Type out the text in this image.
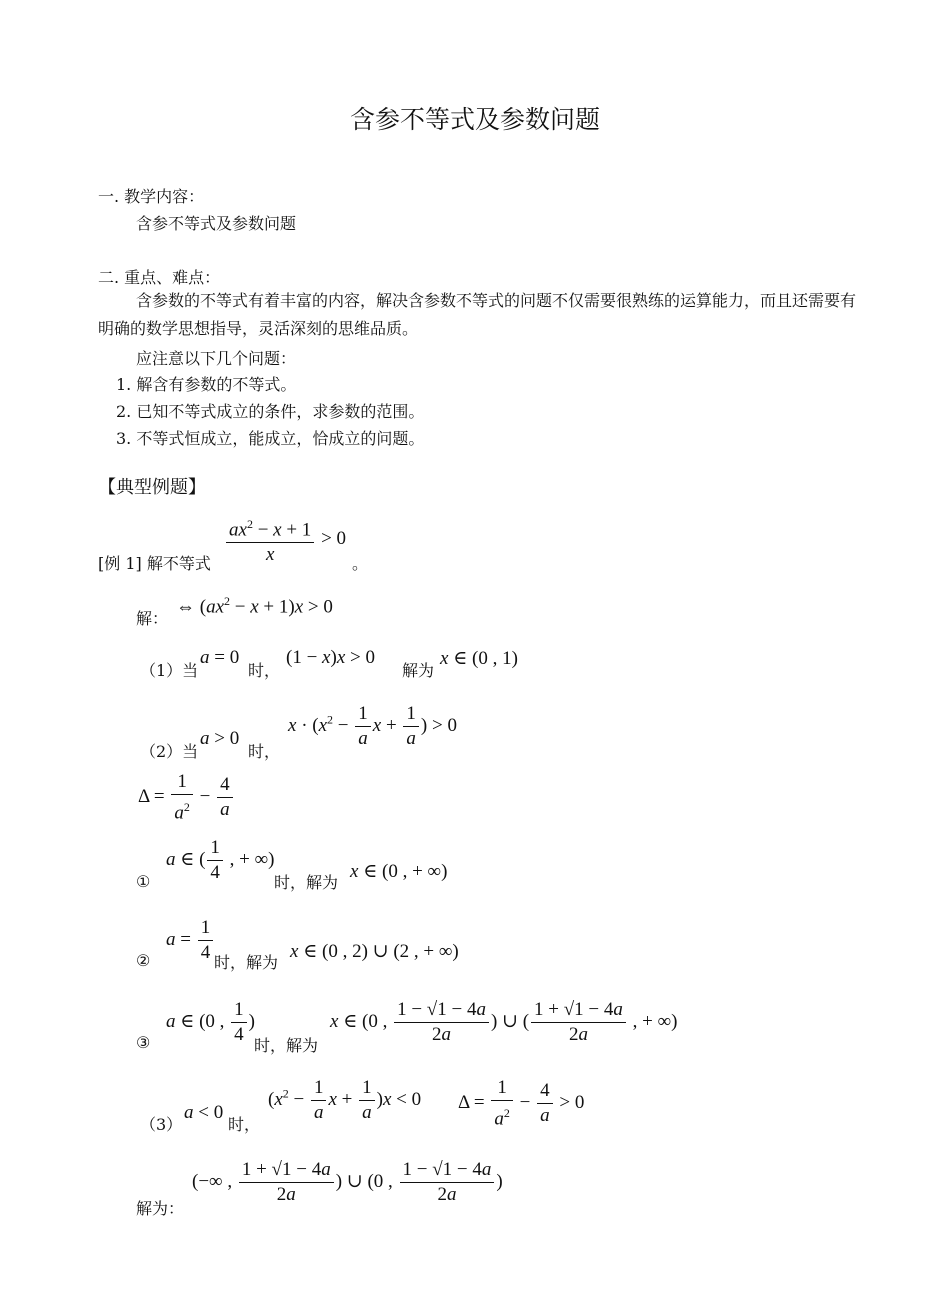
含参不等式及参数问题
一. 教学内容：
含参不等式及参数问题
二. 重点、难点：
含参数的不等式有着丰富的内容，解决含参数不等式的问题不仅需要很熟练的运算能力，而且还需要有明确的数学思想指导，灵活深刻的思维品质。
应注意以下几个问题：
1. 解含有参数的不等式。
2. 已知不等式成立的条件，求参数的范围。
3. 不等式恒成立，能成立，恰成立的问题。
【典型例题】
[例 1] 解不等式 $\frac{ax^2 - x + 1}{x} > 0$
。
解：
⇔ $(ax^2 - x + 1)x > 0$
（1）当
a = 0
时，
(1 − x)x > 0
解为
x ∈ (0 , 1)
（2）当
a > 0
时，
$x \cdot (x^2 - \frac{1}{a}$ $x + \frac{1}{a}$ ) > 0
$\Delta = \frac{1}{a^2} - \frac{4}{a}$
①
a ∈ ( $\frac{1}{4}$ , + ∞)
时，解为
x ∈ (0 , + ∞)
②
$a = \frac{1}{4}$ 时，解为
x ∈ (0 , 2) ∪ (2 , + ∞)
③
a ∈ (0 , $\frac{1}{4}$ )
时，解为
x ∈ (0 , $\frac{1 - √1 - 4a}{2a}$ ) ∪ ( $\frac{1 + √1 - 4a}{2a}$ , + ∞)
（3）
a < 0
时，
($x^2 - \frac{1}{a}$ $x + \frac{1}{a} )x < 0$ $\Delta = \frac{1}{a^2} - \frac{4}{a} > 0$
解为：
(−∞ , $\frac{1 + √1 - 4a}{2a}$ ) ∪ (0 , $\frac{1 - √1 - 4a}{2a}$ )
